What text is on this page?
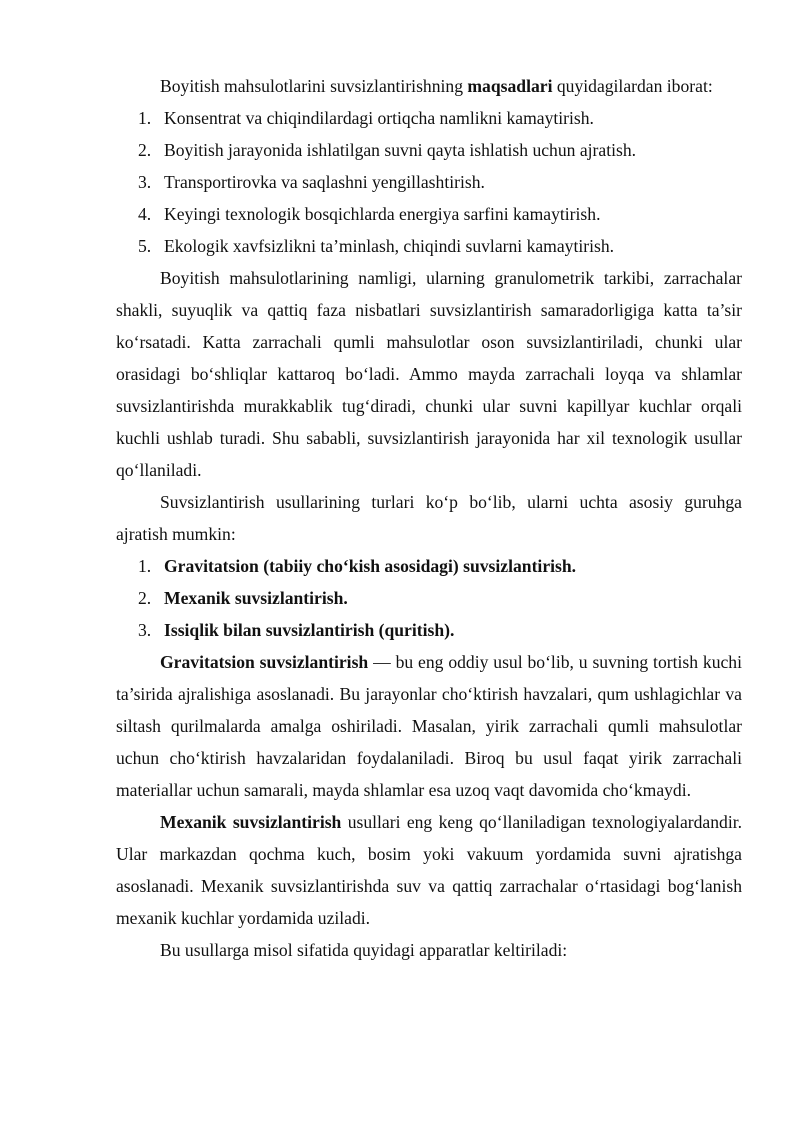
Boyitish mahsulotlarini suvsizlantirishning maqsadlari quyidagilardan iborat:

1. Konsentrat va chiqindilardagi ortiqcha namlikni kamaytirish.
2. Boyitish jarayonida ishlatilgan suvni qayta ishlatish uchun ajratish.
3. Transportirovka va saqlashni yengillashtirish.
4. Keyingi texnologik bosqichlarda energiya sarfini kamaytirish.
5. Ekologik xavfsizlikni ta’minlash, chiqindi suvlarni kamaytirish.

Boyitish mahsulotlarining namligi, ularning granulometrik tarkibi, zarrachalar shakli, suyuqlik va qattiq faza nisbatlari suvsizlantirish samaradorligiga katta ta’sir ko‘rsatadi. Katta zarrachali qumli mahsulotlar oson suvsizlantiriladi, chunki ular orasidagi bo‘shliqlar kattaroq bo‘ladi. Ammo mayda zarrachali loyqa va shlamlar suvsizlantirishda murakkablik tug‘diradi, chunki ular suvni kapillyar kuchlar orqali kuchli ushlab turadi. Shu sababli, suvsizlantirish jarayonida har xil texnologik usullar qo‘llaniladi.

Suvsizlantirish usullarining turlari ko‘p bo‘lib, ularni uchta asosiy guruhga ajratish mumkin:

1. Gravitatsion (tabiiy cho‘kish asosidagi) suvsizlantirish.
2. Mexanik suvsizlantirish.
3. Issiqlik bilan suvsizlantirish (quritish).

Gravitatsion suvsizlantirish — bu eng oddiy usul bo‘lib, u suvning tortish kuchi ta’sirida ajralishiga asoslanadi. Bu jarayonlar cho‘ktirish havzalari, qum ushlagichlar va siltash qurilmalarda amalga oshiriladi. Masalan, yirik zarrachali qumli mahsulotlar uchun cho‘ktirish havzalaridan foydalaniladi. Biroq bu usul faqat yirik zarrachali materiallar uchun samarali, mayda shlamlar esa uzoq vaqt davomida cho‘kmaydi.

Mexanik suvsizlantirish usullari eng keng qo‘llaniladigan texnologiyalardandir. Ular markazdan qochma kuch, bosim yoki vakuum yordamida suvni ajratishga asoslanadi. Mexanik suvsizlantirishda suv va qattiq zarrachalar o‘rtasidagi bog‘lanish mexanik kuchlar yordamida uziladi.

Bu usullarga misol sifatida quyidagi apparatlar keltiriladi:
